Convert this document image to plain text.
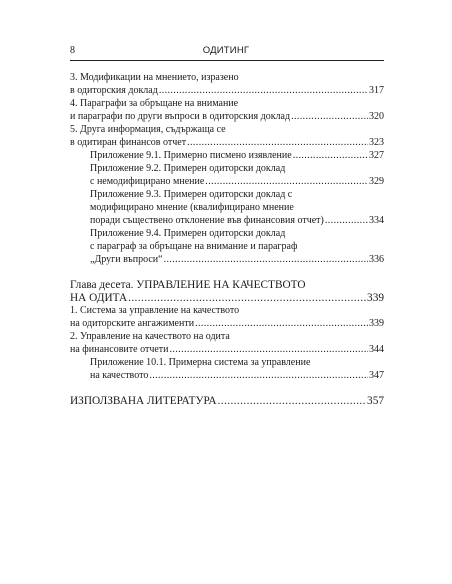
8	ОДИТИНГ
3. Модификации на мнението, изразено
в одиторския доклад .....	317
4. Параграфи за обръщане на внимание
и параграфи по други въпроси в одиторския доклад .....	320
5. Друга информация, съдържаща се
в одитиран финансов отчет .....	323
Приложение 9.1. Примерно писмено изявление .....	327
Приложение 9.2. Примерен одиторски доклад
с немодифицирано мнение .....	329
Приложение 9.3. Примерен одиторски доклад с
модифицирано мнение (квалифицирано мнение
поради съществено отклонение във финансовия отчет) .....	334
Приложение 9.4. Примерен одиторски доклад
с параграф за обръщане на внимание и параграф
„Други въпроси“ .....	336
Глава десета. УПРАВЛЕНИЕ НА КАЧЕСТВОТО
НА ОДИТА .....	339
1. Система за управление на качеството
на одиторските ангажименти .....	339
2. Управление на качеството на одита
на финансовите отчети .....	344
Приложение 10.1. Примерна система за управление
на качеството .....	347
ИЗПОЛЗВАНА ЛИТЕРАТУРА .....	357
